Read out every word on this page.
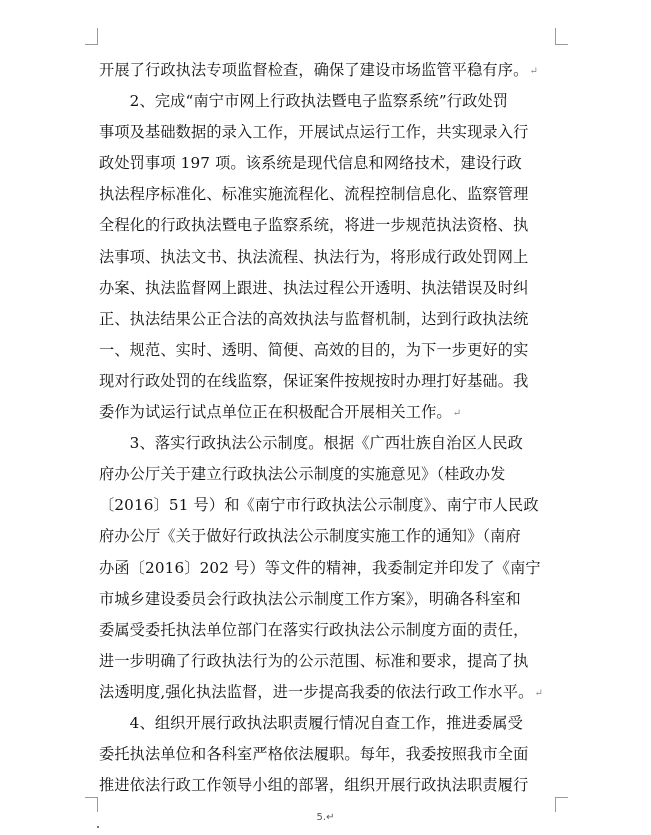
开展了行政执法专项监督检查，确保了建设市场监管平稳有序。↵
　　2、完成“南宁市网上行政执法暨电子监察系统”行政处罚
事项及基础数据的录入工作，开展试点运行工作，共实现录入行
政处罚事项 197 项。该系统是现代信息和网络技术，建设行政
执法程序标准化、标准实施流程化、流程控制信息化、监察管理
全程化的行政执法暨电子监察系统，将进一步规范执法资格、执
法事项、执法文书、执法流程、执法行为，将形成行政处罚网上
办案、执法监督网上跟进、执法过程公开透明、执法错误及时纠
正、执法结果公正合法的高效执法与监督机制，达到行政执法统
一、规范、实时、透明、简便、高效的目的，为下一步更好的实
现对行政处罚的在线监察，保证案件按规按时办理打好基础。我
委作为试运行试点单位正在积极配合开展相关工作。↵
　　3、落实行政执法公示制度。根据《广西壮族自治区人民政
府办公厅关于建立行政执法公示制度的实施意见》（桂政办发
〔2016〕51 号）和《南宁市行政执法公示制度》、南宁市人民政
府办公厅《关于做好行政执法公示制度实施工作的通知》（南府
办函〔2016〕202 号）等文件的精神，我委制定并印发了《南宁
市城乡建设委员会行政执法公示制度工作方案》，明确各科室和
委属受委托执法单位部门在落实行政执法公示制度方面的责任，
进一步明确了行政执法行为的公示范围、标准和要求，提高了执
法透明度,强化执法监督，进一步提高我委的依法行政工作水平。↵
　　4、组织开展行政执法职责履行情况自查工作，推进委属受
委托执法单位和各科室严格依法履职。每年，我委按照我市全面
推进依法行政工作领导小组的部署，组织开展行政执法职责履行
5.↵
